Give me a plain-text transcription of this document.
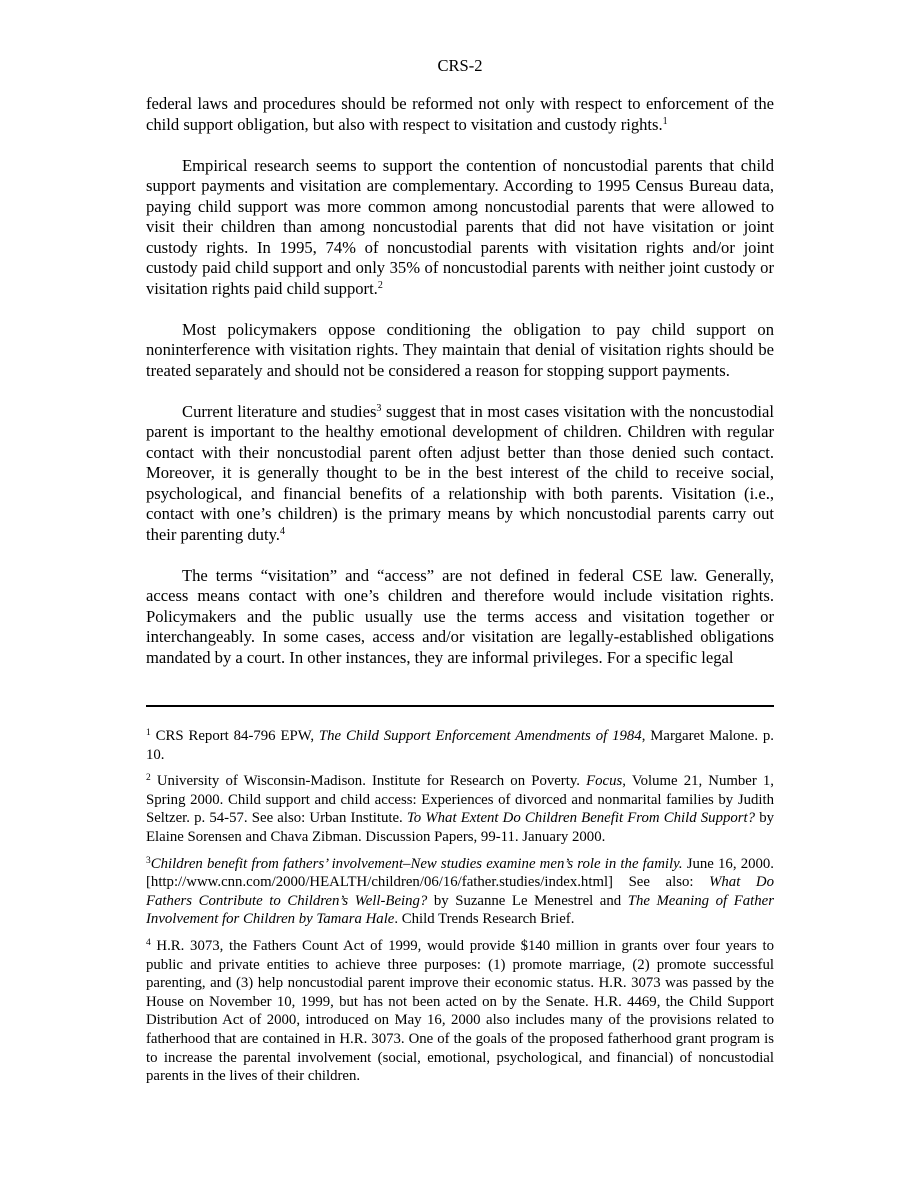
CRS-2

federal laws and procedures should be reformed not only with respect to enforcement of the child support obligation, but also with respect to visitation and custody rights.$^1$

Empirical research seems to support the contention of noncustodial parents that child support payments and visitation are complementary. According to 1995 Census Bureau data, paying child support was more common among noncustodial parents that were allowed to visit their children than among noncustodial parents that did not have visitation or joint custody rights. In 1995, 74% of noncustodial parents with visitation rights and/or joint custody paid child support and only 35% of noncustodial parents with neither joint custody or visitation rights paid child support.$^2$

Most policymakers oppose conditioning the obligation to pay child support on noninterference with visitation rights. They maintain that denial of visitation rights should be treated separately and should not be considered a reason for stopping support payments.

Current literature and studies$^3$ suggest that in most cases visitation with the noncustodial parent is important to the healthy emotional development of children. Children with regular contact with their noncustodial parent often adjust better than those denied such contact. Moreover, it is generally thought to be in the best interest of the child to receive social, psychological, and financial benefits of a relationship with both parents. Visitation (i.e., contact with one’s children) is the primary means by which noncustodial parents carry out their parenting duty.$^4$

The terms “visitation” and “access” are not defined in federal CSE law. Generally, access means contact with one’s children and therefore would include visitation rights. Policymakers and the public usually use the terms access and visitation together or interchangeably. In some cases, access and/or visitation are legally-established obligations mandated by a court. In other instances, they are informal privileges. For a specific legal

$^1$ CRS Report 84-796 EPW, The Child Support Enforcement Amendments of 1984, Margaret Malone. p. 10.

$^2$ University of Wisconsin-Madison. Institute for Research on Poverty. Focus, Volume 21, Number 1, Spring 2000. Child support and child access: Experiences of divorced and nonmarital families by Judith Seltzer. p. 54-57. See also: Urban Institute. To What Extent Do Children Benefit From Child Support? by Elaine Sorensen and Chava Zibman. Discussion Papers, 99-11. January 2000.

$^3$Children benefit from fathers’ involvement–New studies examine men’s role in the family. June 16, 2000. [http://www.cnn.com/2000/HEALTH/children/06/16/father.studies/index.html] See also: What Do Fathers Contribute to Children’s Well-Being? by Suzanne Le Menestrel and The Meaning of Father Involvement for Children by Tamara Hale. Child Trends Research Brief.

$^4$ H.R. 3073, the Fathers Count Act of 1999, would provide $140 million in grants over four years to public and private entities to achieve three purposes: (1) promote marriage, (2) promote successful parenting, and (3) help noncustodial parent improve their economic status. H.R. 3073 was passed by the House on November 10, 1999, but has not been acted on by the Senate. H.R. 4469, the Child Support Distribution Act of 2000, introduced on May 16, 2000 also includes many of the provisions related to fatherhood that are contained in H.R. 3073. One of the goals of the proposed fatherhood grant program is to increase the parental involvement (social, emotional, psychological, and financial) of noncustodial parents in the lives of their children.
